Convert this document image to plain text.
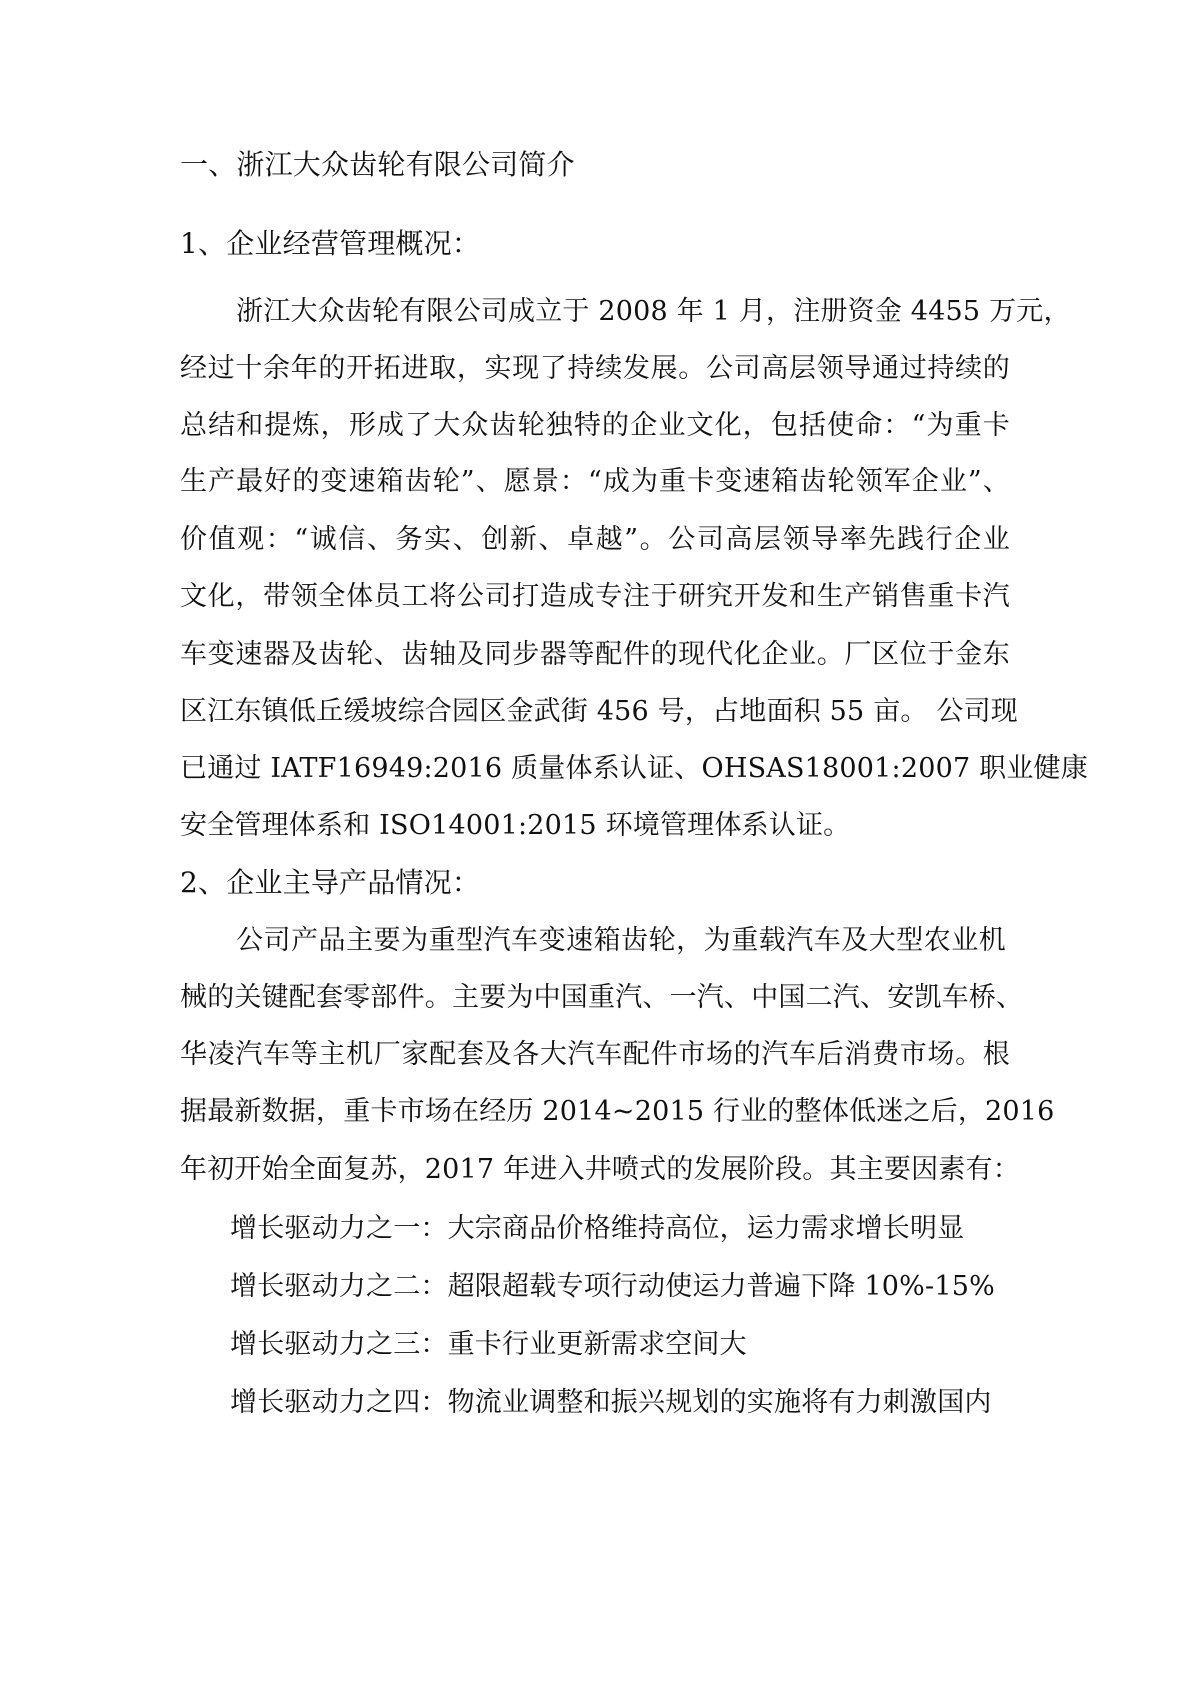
一、浙江大众齿轮有限公司简介
1、企业经营管理概况：
浙江大众齿轮有限公司成立于 2008 年 1 月，注册资金 4455 万元，
经过十余年的开拓进取，实现了持续发展。公司高层领导通过持续的
总结和提炼，形成了大众齿轮独特的企业文化，包括使命：“为重卡
生产最好的变速箱齿轮”、愿景：“成为重卡变速箱齿轮领军企业”、
价值观：“诚信、务实、创新、卓越”。公司高层领导率先践行企业
文化，带领全体员工将公司打造成专注于研究开发和生产销售重卡汽
车变速器及齿轮、齿轴及同步器等配件的现代化企业。厂区位于金东
区江东镇低丘缓坡综合园区金武街 456 号，占地面积 55 亩。 公司现
已通过 IATF16949:2016 质量体系认证、OHSAS18001:2007 职业健康
安全管理体系和 ISO14001:2015 环境管理体系认证。
2、企业主导产品情况：
公司产品主要为重型汽车变速箱齿轮，为重载汽车及大型农业机
械的关键配套零部件。主要为中国重汽、一汽、中国二汽、安凯车桥、
华凌汽车等主机厂家配套及各大汽车配件市场的汽车后消费市场。根
据最新数据，重卡市场在经历 2014~2015 行业的整体低迷之后，2016
年初开始全面复苏，2017 年进入井喷式的发展阶段。其主要因素有：
增长驱动力之一：大宗商品价格维持高位，运力需求增长明显
增长驱动力之二：超限超载专项行动使运力普遍下降 10%-15%
增长驱动力之三：重卡行业更新需求空间大
增长驱动力之四：物流业调整和振兴规划的实施将有力刺激国内
